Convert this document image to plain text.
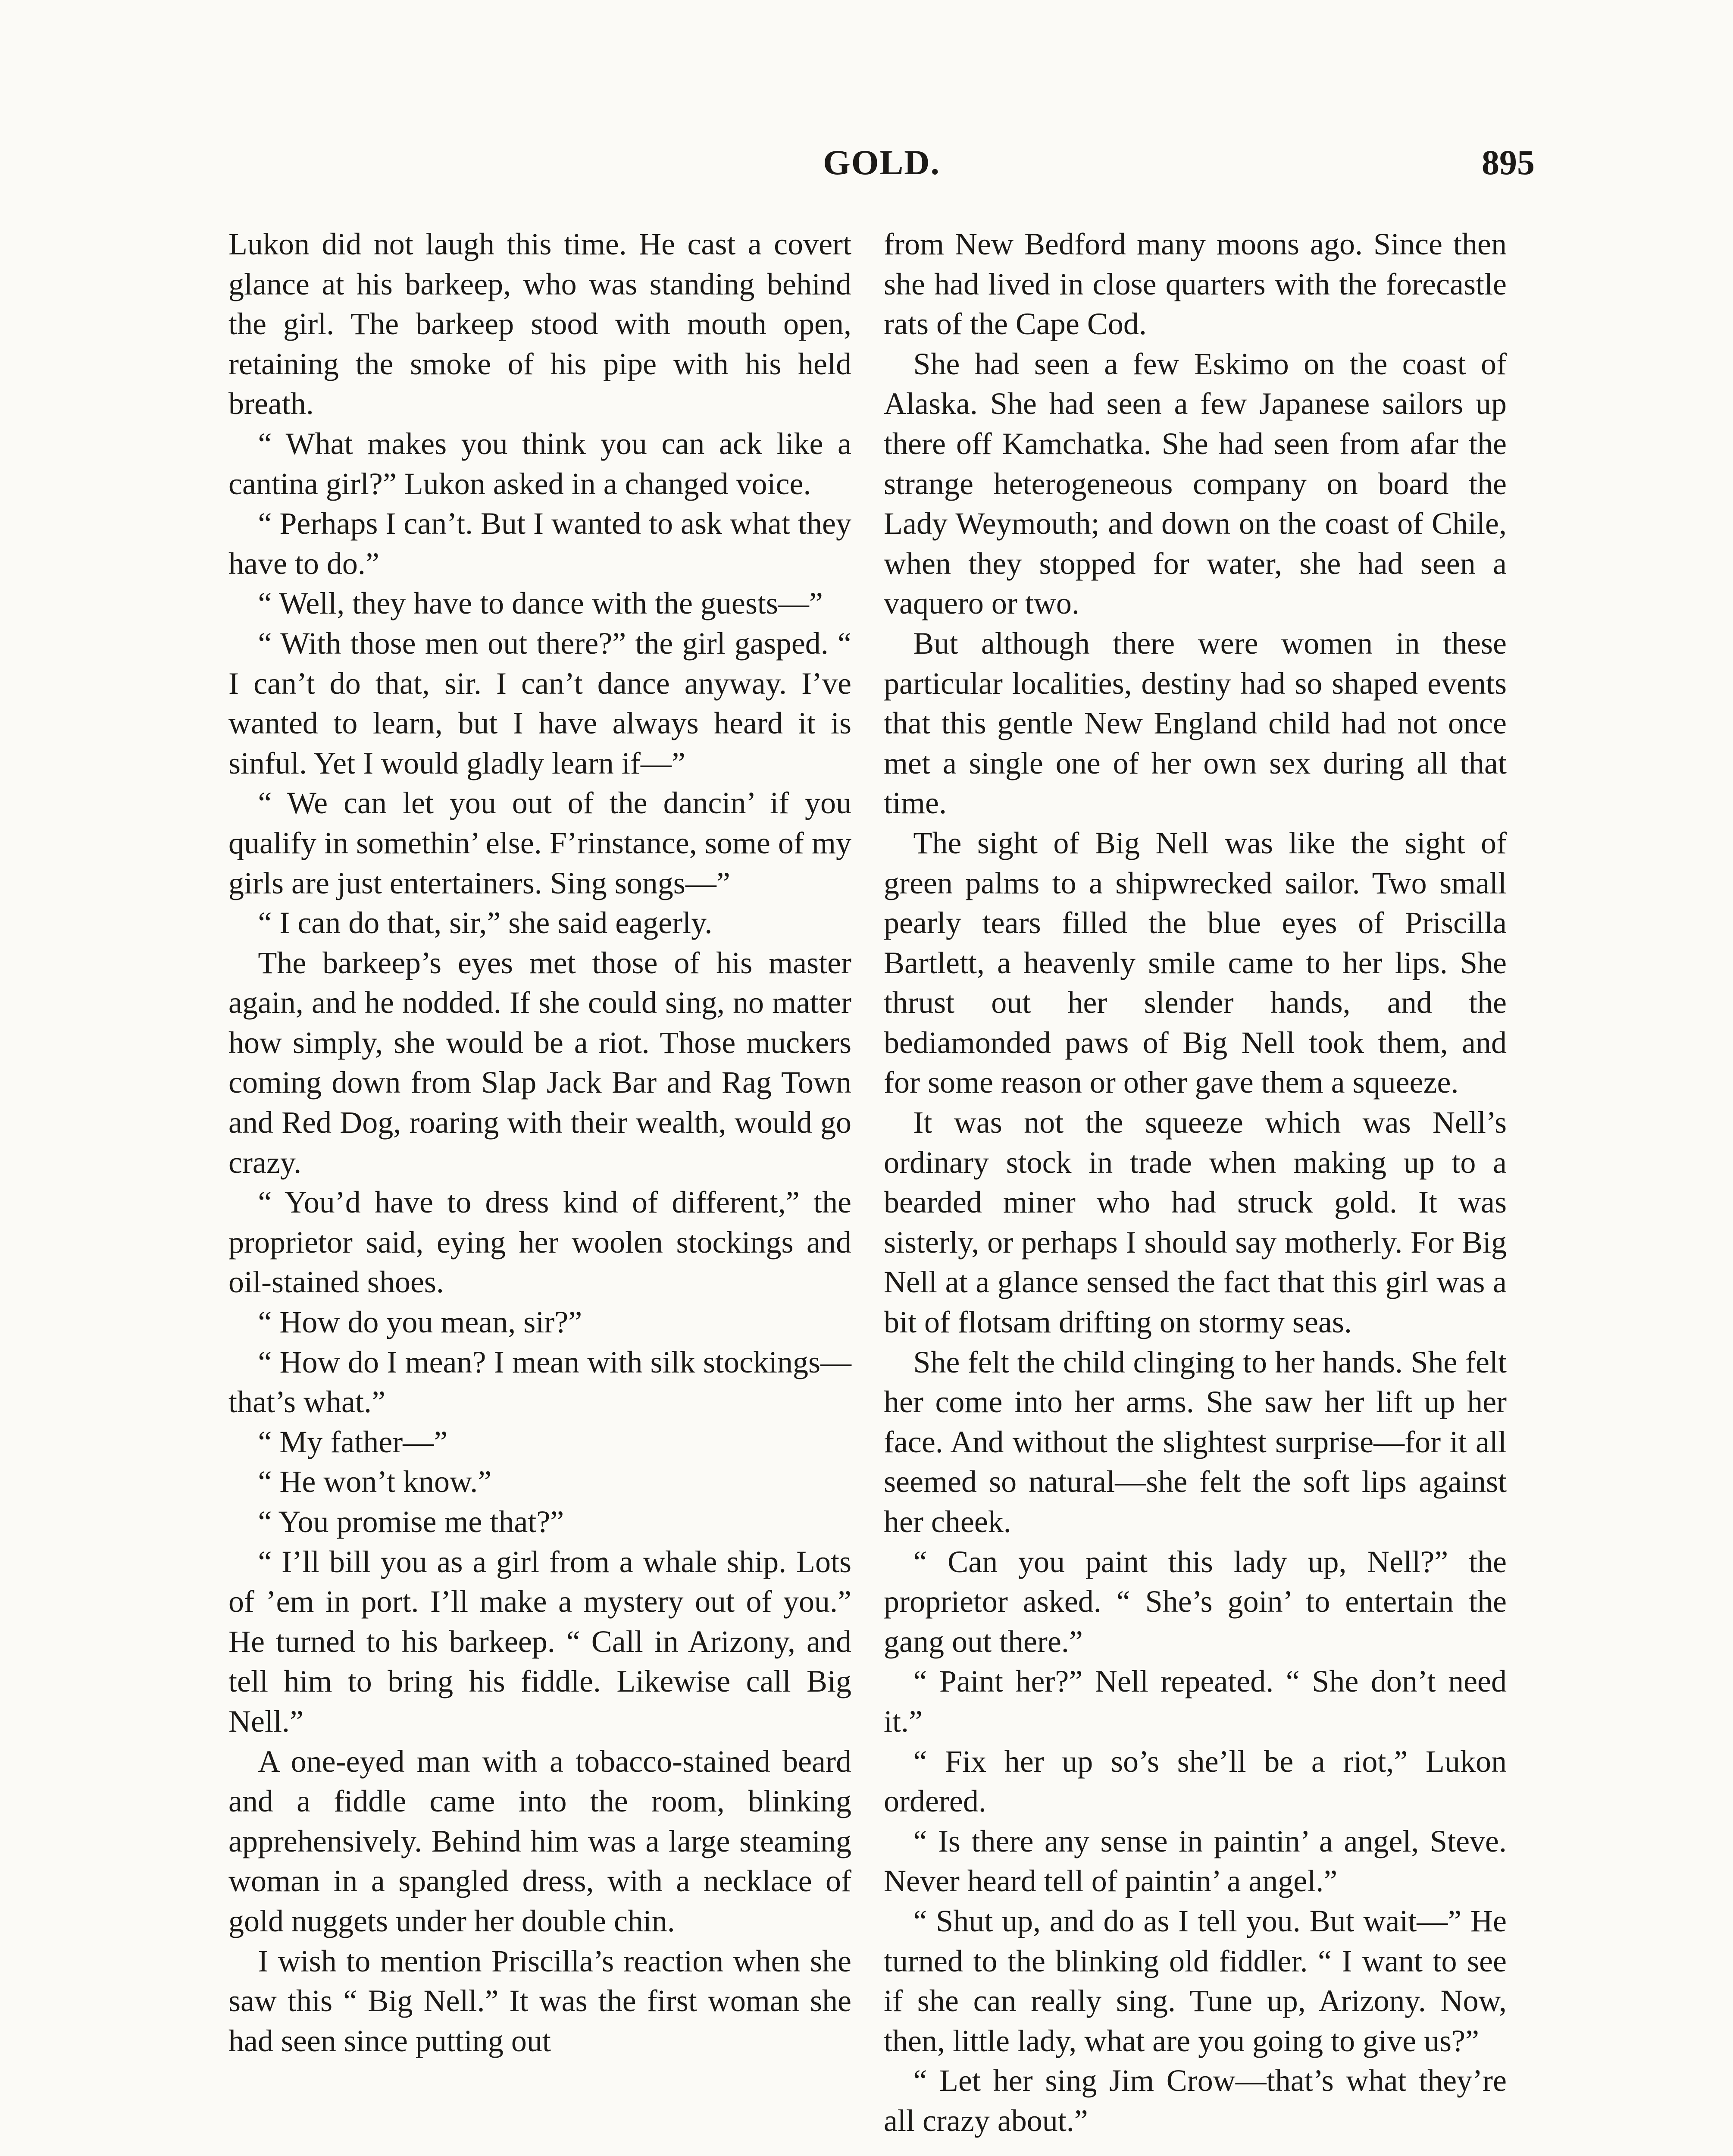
GOLD.	895

Lukon did not laugh this time. He cast a covert glance at his barkeep, who was standing behind the girl. The barkeep stood with mouth open, retaining the smoke of his pipe with his held breath.

“ What makes you think you can ack like a cantina girl?” Lukon asked in a changed voice.

“ Perhaps I can’t. But I wanted to ask what they have to do.”

“ Well, they have to dance with the guests—”

“ With those men out there?” the girl gasped. “ I can’t do that, sir. I can’t dance anyway. I’ve wanted to learn, but I have always heard it is sinful. Yet I would gladly learn if—”

“ We can let you out of the dancin’ if you qualify in somethin’ else. F’rinstance, some of my girls are just entertainers. Sing songs—”

“ I can do that, sir,” she said eagerly.

The barkeep’s eyes met those of his master again, and he nodded. If she could sing, no matter how simply, she would be a riot. Those muckers coming down from Slap Jack Bar and Rag Town and Red Dog, roaring with their wealth, would go crazy.

“ You’d have to dress kind of different,” the proprietor said, eying her woolen stockings and oil-stained shoes.

“ How do you mean, sir?”

“ How do I mean? I mean with silk stockings—that’s what.”

“ My father—”

“ He won’t know.”

“ You promise me that?”

“ I’ll bill you as a girl from a whale ship. Lots of ’em in port. I’ll make a mystery out of you.” He turned to his barkeep. “ Call in Arizony, and tell him to bring his fiddle. Likewise call Big Nell.”

A one-eyed man with a tobacco-stained beard and a fiddle came into the room, blinking apprehensively. Behind him was a large steaming woman in a spangled dress, with a necklace of gold nuggets under her double chin.

I wish to mention Priscilla’s reaction when she saw this “ Big Nell.” It was the first woman she had seen since putting out

from New Bedford many moons ago. Since then she had lived in close quarters with the forecastle rats of the Cape Cod.

She had seen a few Eskimo on the coast of Alaska. She had seen a few Japanese sailors up there off Kamchatka. She had seen from afar the strange heterogeneous company on board the Lady Weymouth; and down on the coast of Chile, when they stopped for water, she had seen a vaquero or two.

But although there were women in these particular localities, destiny had so shaped events that this gentle New England child had not once met a single one of her own sex during all that time.

The sight of Big Nell was like the sight of green palms to a shipwrecked sailor. Two small pearly tears filled the blue eyes of Priscilla Bartlett, a heavenly smile came to her lips. She thrust out her slender hands, and the bediamonded paws of Big Nell took them, and for some reason or other gave them a squeeze.

It was not the squeeze which was Nell’s ordinary stock in trade when making up to a bearded miner who had struck gold. It was sisterly, or perhaps I should say motherly. For Big Nell at a glance sensed the fact that this girl was a bit of flotsam drifting on stormy seas.

She felt the child clinging to her hands. She felt her come into her arms. She saw her lift up her face. And without the slightest surprise—for it all seemed so natural—she felt the soft lips against her cheek.

“ Can you paint this lady up, Nell?” the proprietor asked. “ She’s goin’ to entertain the gang out there.”

“ Paint her?” Nell repeated. “ She don’t need it.”

“ Fix her up so’s she’ll be a riot,” Lukon ordered.

“ Is there any sense in paintin’ a angel, Steve. Never heard tell of paintin’ a angel.”

“ Shut up, and do as I tell you. But wait—” He turned to the blinking old fiddler. “ I want to see if she can really sing. Tune up, Arizony. Now, then, little lady, what are you going to give us?”

“ Let her sing Jim Crow—that’s what they’re all crazy about.”
